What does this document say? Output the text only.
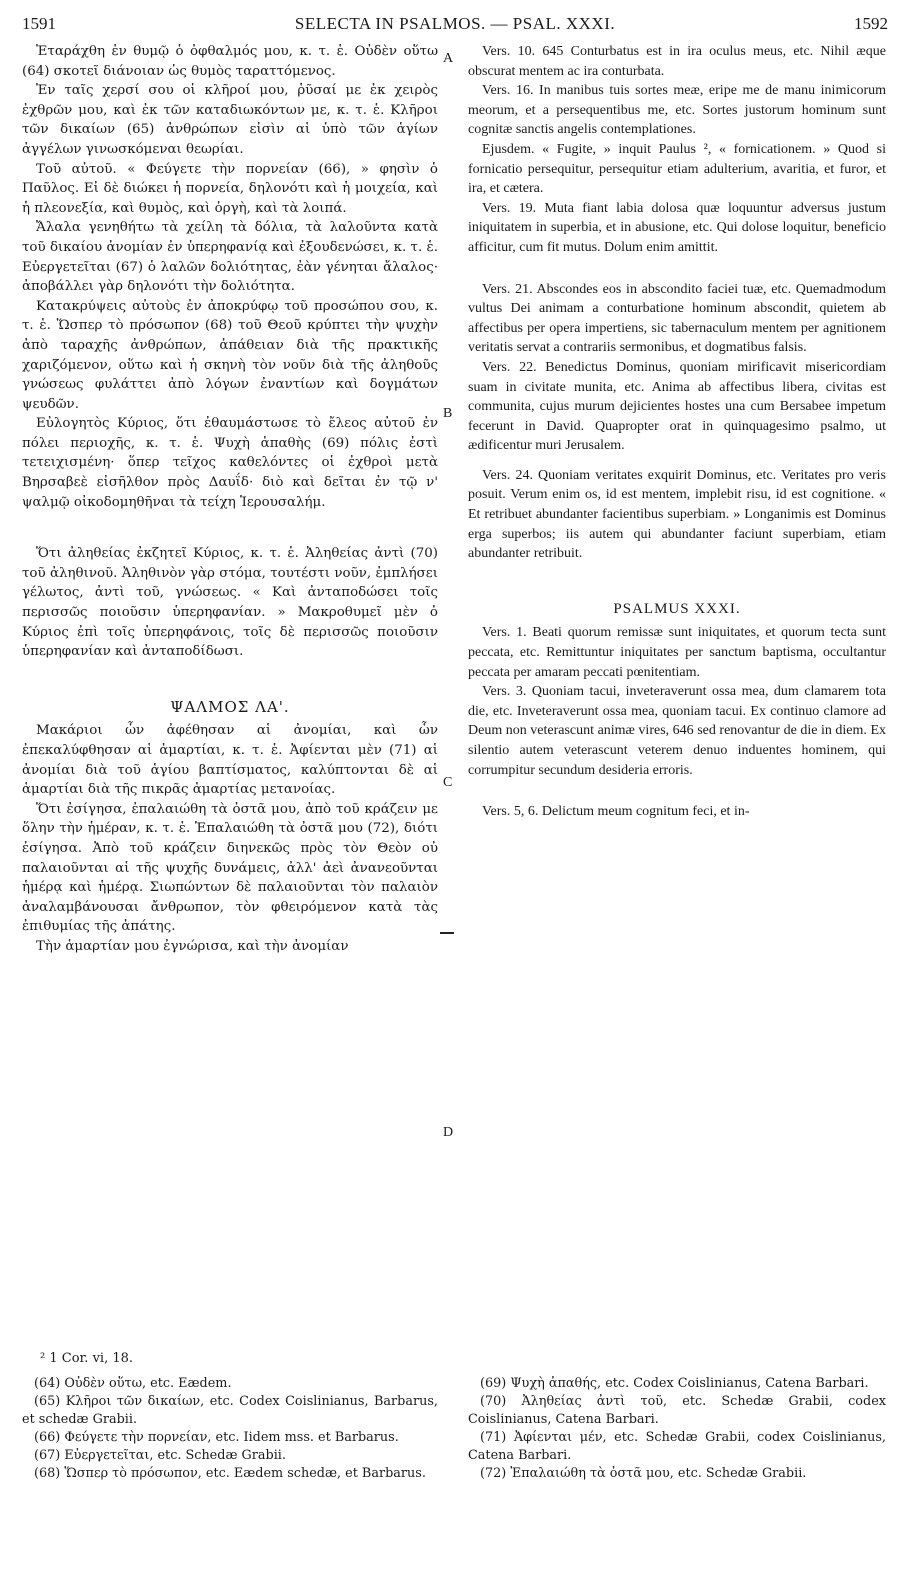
1591	SELECTA IN PSALMOS. — PSAL. XXXI.	1592
A
B
C
D

Ἐταράχθη ἐν θυμῷ ὁ ὀφθαλμός μου, κ. τ. ἑ. Οὐδὲν οὕτω (64) σκοτεῖ διάνοιαν ὡς θυμὸς ταραττόμενος.

Ἐν ταῖς χερσί σου οἱ κλῆροί μου, ῥῦσαί με ἐκ χειρὸς ἐχθρῶν μου, καὶ ἐκ τῶν καταδιωκόντων με, κ. τ. ἑ. Κλῆροι τῶν δικαίων (65) ἀνθρώπων εἰσὶν αἱ ὑπὸ τῶν ἁγίων ἀγγέλων γινωσκόμεναι θεωρίαι.

Τοῦ αὐτοῦ. « Φεύγετε τὴν πορνείαν (66), » φησὶν ὁ Παῦλος. Εἰ δὲ διώκει ἡ πορνεία, δηλονότι καὶ ἡ μοιχεία, καὶ ἡ πλεονεξία, καὶ θυμὸς, καὶ ὀργὴ, καὶ τὰ λοιπά.

Ἄλαλα γενηθήτω τὰ χείλη τὰ δόλια, τὰ λαλοῦντα κατὰ τοῦ δικαίου ἀνομίαν ἐν ὑπερηφανίᾳ καὶ ἐξουδενώσει, κ. τ. ἑ. Εὐεργετεῖται (67) ὁ λαλῶν δολιότητας, ἐὰν γένηται ἄλαλος· ἀποβάλλει γὰρ δηλονότι τὴν δολιότητα.

Κατακρύψεις αὐτοὺς ἐν ἀποκρύφῳ τοῦ προσώπου σου, κ. τ. ἑ. Ὥσπερ τὸ πρόσωπον (68) τοῦ Θεοῦ κρύπτει τὴν ψυχὴν ἀπὸ ταραχῆς ἀνθρώπων, ἀπάθειαν διὰ τῆς πρακτικῆς χαριζόμενον, οὕτω καὶ ἡ σκηνὴ τὸν νοῦν διὰ τῆς ἀληθοῦς γνώσεως φυλάττει ἀπὸ λόγων ἐναντίων καὶ δογμάτων ψευδῶν.

Εὐλογητὸς Κύριος, ὅτι ἐθαυμάστωσε τὸ ἔλεος αὐτοῦ ἐν πόλει περιοχῆς, κ. τ. ἑ. Ψυχὴ ἀπαθὴς (69) πόλις ἐστὶ τετειχισμένη· ὅπερ τεῖχος καθελόντες οἱ ἐχθροὶ μετὰ Βηρσαβεὲ εἰσῆλθον πρὸς Δαυΐδ· διὸ καὶ δεῖται ἐν τῷ ν' ψαλμῷ οἰκοδομηθῆναι τὰ τείχη Ἱερουσαλήμ.

Ὅτι ἀληθείας ἐκζητεῖ Κύριος, κ. τ. ἑ. Ἀληθείας ἀντὶ (70) τοῦ ἀληθινοῦ. Ἀληθινὸν γὰρ στόμα, τουτέστι νοῦν, ἐμπλήσει γέλωτος, ἀντὶ τοῦ, γνώσεως. « Καὶ ἀνταποδώσει τοῖς περισσῶς ποιοῦσιν ὑπερηφανίαν. » Μακροθυμεῖ μὲν ὁ Κύριος ἐπὶ τοῖς ὑπερηφάνοις, τοῖς δὲ περισσῶς ποιοῦσιν ὑπερηφανίαν καὶ ἀνταποδίδωσι.

ΨΑΛΜΟΣ ΛΑ'.

Μακάριοι ὧν ἀφέθησαν αἱ ἀνομίαι, καὶ ὧν ἐπεκαλύφθησαν αἱ ἁμαρτίαι, κ. τ. ἑ. Ἀφίενται μὲν (71) αἱ ἀνομίαι διὰ τοῦ ἁγίου βαπτίσματος, καλύπτονται δὲ αἱ ἁμαρτίαι διὰ τῆς πικρᾶς ἁμαρτίας μετανοίας.

Ὅτι ἐσίγησα, ἐπαλαιώθη τὰ ὀστᾶ μου, ἀπὸ τοῦ κράζειν με ὅλην τὴν ἡμέραν, κ. τ. ἑ. Ἐπαλαιώθη τὰ ὀστᾶ μου (72), διότι ἐσίγησα. Ἀπὸ τοῦ κράζειν διηνεκῶς πρὸς τὸν Θεὸν οὐ παλαιοῦνται αἱ τῆς ψυχῆς δυνάμεις, ἀλλ' ἀεὶ ἀνανεοῦνται ἡμέρᾳ καὶ ἡμέρᾳ. Σιωπώντων δὲ παλαιοῦνται τὸν παλαιὸν ἀναλαμβάνουσαι ἄνθρωπον, τὸν φθειρόμενον κατὰ τὰς ἐπιθυμίας τῆς ἀπάτης.

Τὴν ἁμαρτίαν μου ἐγνώρισα, καὶ τὴν ἀνομίαν

Vers. 10. 645 Conturbatus est in ira oculus meus, etc. Nihil æque obscurat mentem ac ira conturbata.

Vers. 16. In manibus tuis sortes meæ, eripe me de manu inimicorum meorum, et a persequentibus me, etc. Sortes justorum hominum sunt cognitæ sanctis angelis contemplationes.

Ejusdem. « Fugite, » inquit Paulus ², « fornicationem. » Quod si fornicatio persequitur, persequitur etiam adulterium, avaritia, et furor, et ira, et cætera.

Vers. 19. Muta fiant labia dolosa quæ loquuntur adversus justum iniquitatem in superbia, et in abusione, etc. Qui dolose loquitur, beneficio afficitur, cum fit mutus. Dolum enim amittit.

Vers. 21. Abscondes eos in abscondito faciei tuæ, etc. Quemadmodum vultus Dei animam a conturbatione hominum abscondit, quietem ab affectibus per opera impertiens, sic tabernaculum mentem per agnitionem veritatis servat a contrariis sermonibus, et dogmatibus falsis.

Vers. 22. Benedictus Dominus, quoniam mirificavit misericordiam suam in civitate munita, etc. Anima ab affectibus libera, civitas est communita, cujus murum dejicientes hostes una cum Bersabee impetum fecerunt in David. Quapropter orat in quinquagesimo psalmo, ut ædificentur muri Jerusalem.

Vers. 24. Quoniam veritates exquirit Dominus, etc. Veritates pro veris posuit. Verum enim os, id est mentem, implebit risu, id est cognitione. « Et retribuet abundanter facientibus superbiam. » Longanimis est Dominus erga superbos; iis autem qui abundanter faciunt superbiam, etiam abundanter retribuit.

PSALMUS XXXI.

Vers. 1. Beati quorum remissæ sunt iniquitates, et quorum tecta sunt peccata, etc. Remittuntur iniquitates per sanctum baptisma, occultantur peccata per amaram peccati pœnitentiam.

Vers. 3. Quoniam tacui, inveteraverunt ossa mea, dum clamarem tota die, etc. Inveteraverunt ossa mea, quoniam tacui. Ex continuo clamore ad Deum non veterascunt animæ vires, 646 sed renovantur de die in diem. Ex silentio autem veterascunt veterem denuo induentes hominem, qui corrumpitur secundum desideria erroris.

Vers. 5, 6. Delictum meum cognitum feci, et in-

² 1 Cor. vi, 18.

(64) Οὐδὲν οὕτω, etc. Eædem.

(65) Κλῆροι τῶν δικαίων, etc. Codex Coislinianus, Barbarus, et schedæ Grabii.

(66) Φεύγετε τὴν πορνείαν, etc. Iidem mss. et Barbarus.

(67) Εὐεργετεῖται, etc. Schedæ Grabii.

(68) Ὥσπερ τὸ πρόσωπον, etc. Eædem schedæ, et Barbarus.

(69) Ψυχὴ ἀπαθής, etc. Codex Coislinianus, Catena Barbari.

(70) Ἀληθείας ἀντὶ τοῦ, etc. Schedæ Grabii, codex Coislinianus, Catena Barbari.

(71) Ἀφίενται μέν, etc. Schedæ Grabii, codex Coislinianus, Catena Barbari.

(72) Ἐπαλαιώθη τὰ ὀστᾶ μου, etc. Schedæ Grabii.
